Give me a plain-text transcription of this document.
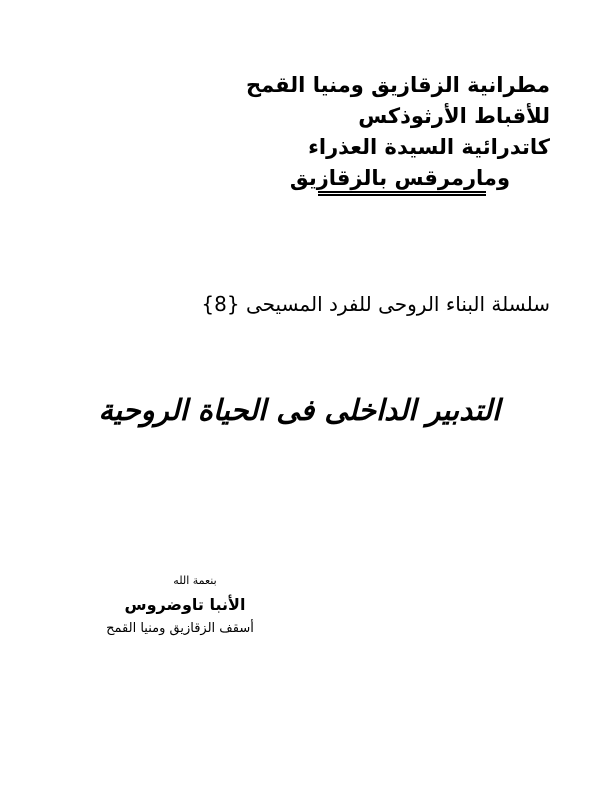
مطرانية الزقازيق ومنيا القمح
للأقباط الأرثوذكس
كاتدرائية السيدة العذراء
ومارمرقس بالزقازيق
سلسلة البناء الروحى للفرد المسيحى {8}
التدبير الداخلى فى الحياة الروحية
بنعمة الله
الأنبا تاوضروس
أسقف الزقازيق ومنيا القمح
